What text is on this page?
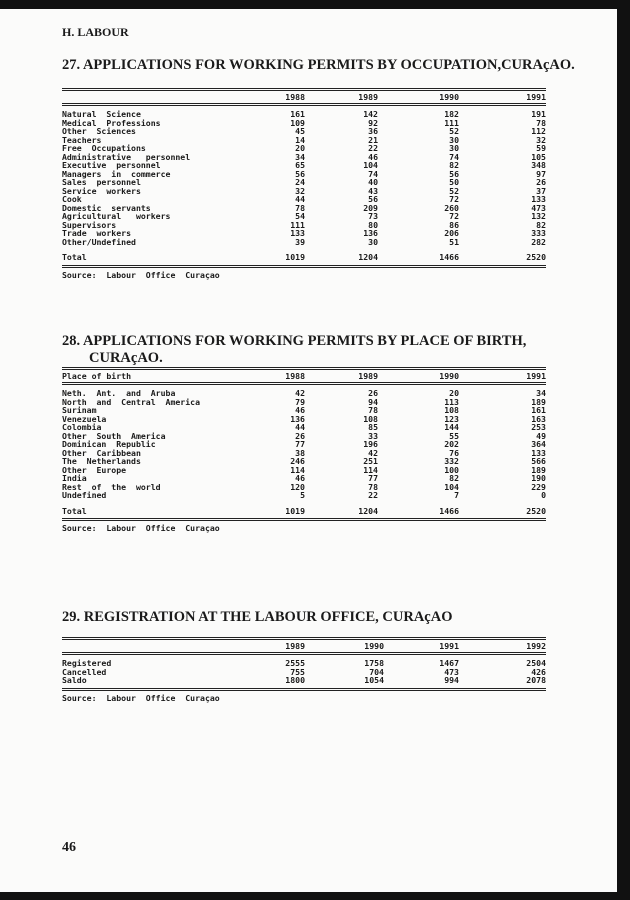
H. LABOUR
27. APPLICATIONS FOR WORKING PERMITS BY OCCUPATION,CURAçAO.
1988	1989	1990	1991
Natural  Science	161	142	182	191
Medical  Professions	109	92	111	78
Other  Sciences	45	36	52	112
Teachers	14	21	30	32
Free  Occupations	20	22	30	59
Administrative   personnel	34	46	74	105
Executive  personnel	65	104	82	348
Managers  in  commerce	56	74	56	97
Sales  personnel	24	40	50	26
Service  workers	32	43	52	37
Cook	44	56	72	133
Domestic  servants	78	209	260	473
Agricultural   workers	54	73	72	132
Supervisors	111	80	86	82
Trade  workers	133	136	206	333
Other/Undefined	39	30	51	282
Total	1019	1204	1466	2520
Source:  Labour  Office  Curaçao
28. APPLICATIONS FOR WORKING PERMITS BY PLACE OF BIRTH,
CURAçAO.
Place of birth	1988	1989	1990	1991
Neth.  Ant.  and  Aruba	42	26	20	34
North  and  Central  America	79	94	113	189
Surinam	46	78	108	161
Venezuela	136	108	123	163
Colombia	44	85	144	253
Other  South  America	26	33	55	49
Dominican  Republic	77	196	202	364
Other  Caribbean	38	42	76	133
The  Netherlands	246	251	332	566
Other  Europe	114	114	100	189
India	46	77	82	190
Rest  of  the  world	120	78	104	229
Undefined	5	22	7	0
Total	1019	1204	1466	2520
Source:  Labour  Office  Curaçao
29. REGISTRATION AT THE LABOUR OFFICE, CURAçAO
1989	1990	1991	1992
Registered	2555	1758	1467	2504
Cancelled	755	704	473	426
Saldo	1800	1054	994	2078
Source:  Labour  Office  Curaçao
46
